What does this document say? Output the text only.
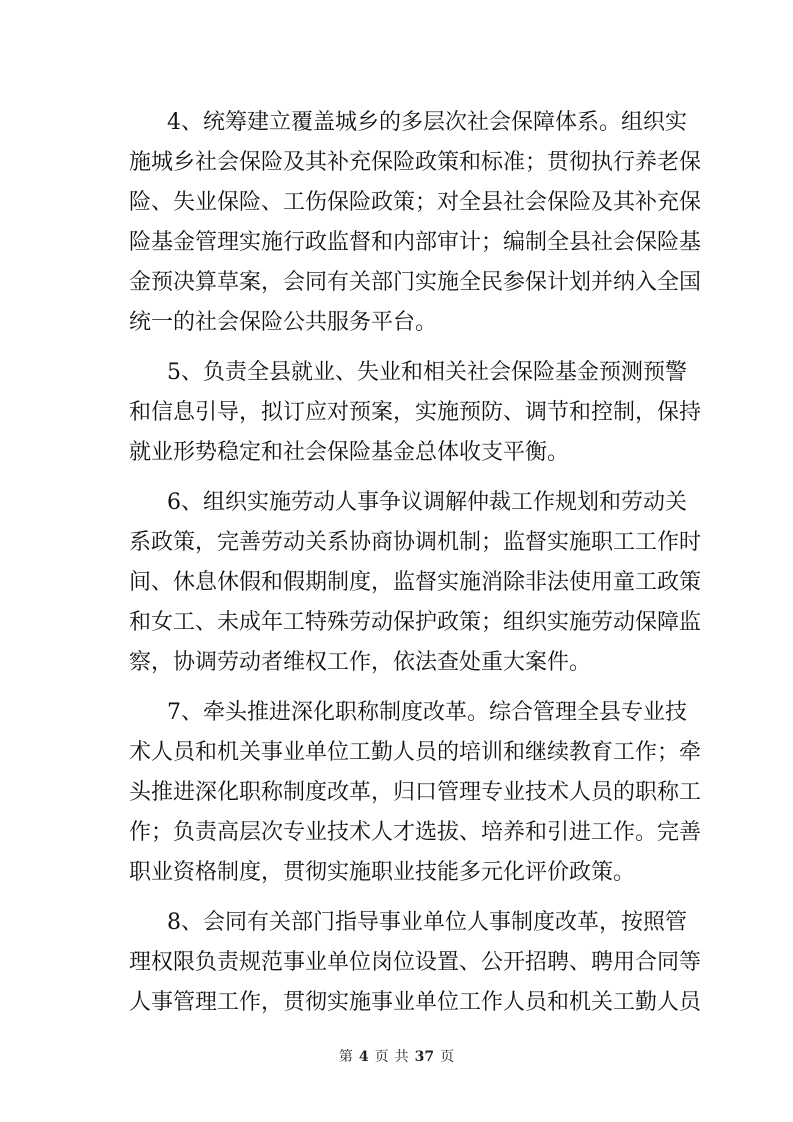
4、统筹建立覆盖城乡的多层次社会保障体系。组织实
施城乡社会保险及其补充保险政策和标准；贯彻执行养老保
险、失业保险、工伤保险政策；对全县社会保险及其补充保
险基金管理实施行政监督和内部审计；编制全县社会保险基
金预决算草案，会同有关部门实施全民参保计划并纳入全国
统一的社会保险公共服务平台。
5、负责全县就业、失业和相关社会保险基金预测预警
和信息引导，拟订应对预案，实施预防、调节和控制，保持
就业形势稳定和社会保险基金总体收支平衡。
6、组织实施劳动人事争议调解仲裁工作规划和劳动关
系政策，完善劳动关系协商协调机制；监督实施职工工作时
间、休息休假和假期制度，监督实施消除非法使用童工政策
和女工、未成年工特殊劳动保护政策；组织实施劳动保障监
察，协调劳动者维权工作，依法查处重大案件。
7、牵头推进深化职称制度改革。综合管理全县专业技
术人员和机关事业单位工勤人员的培训和继续教育工作；牵
头推进深化职称制度改革，归口管理专业技术人员的职称工
作；负责高层次专业技术人才选拔、培养和引进工作。完善
职业资格制度，贯彻实施职业技能多元化评价政策。
8、会同有关部门指导事业单位人事制度改革，按照管
理权限负责规范事业单位岗位设置、公开招聘、聘用合同等
人事管理工作，贯彻实施事业单位工作人员和机关工勤人员
第 4 页 共 37 页
